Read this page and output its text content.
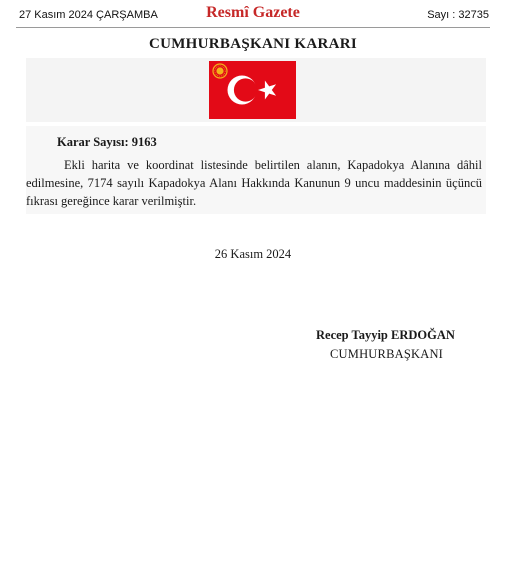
27 Kasım 2024 ÇARŞAMBA	Resmî Gazete	Sayı : 32735
CUMHURBAŞKANI KARARI
Karar Sayısı: 9163

Ekli harita ve koordinat listesinde belirtilen alanın, Kapadokya Alanına dâhil edilmesine, 7174 sayılı Kapadokya Alanı Hakkında Kanunun 9 uncu maddesinin üçüncü fıkrası gereğince karar verilmiştir.

26 Kasım 2024
Recep Tayyip ERDOĞAN
CUMHURBAŞKANI
